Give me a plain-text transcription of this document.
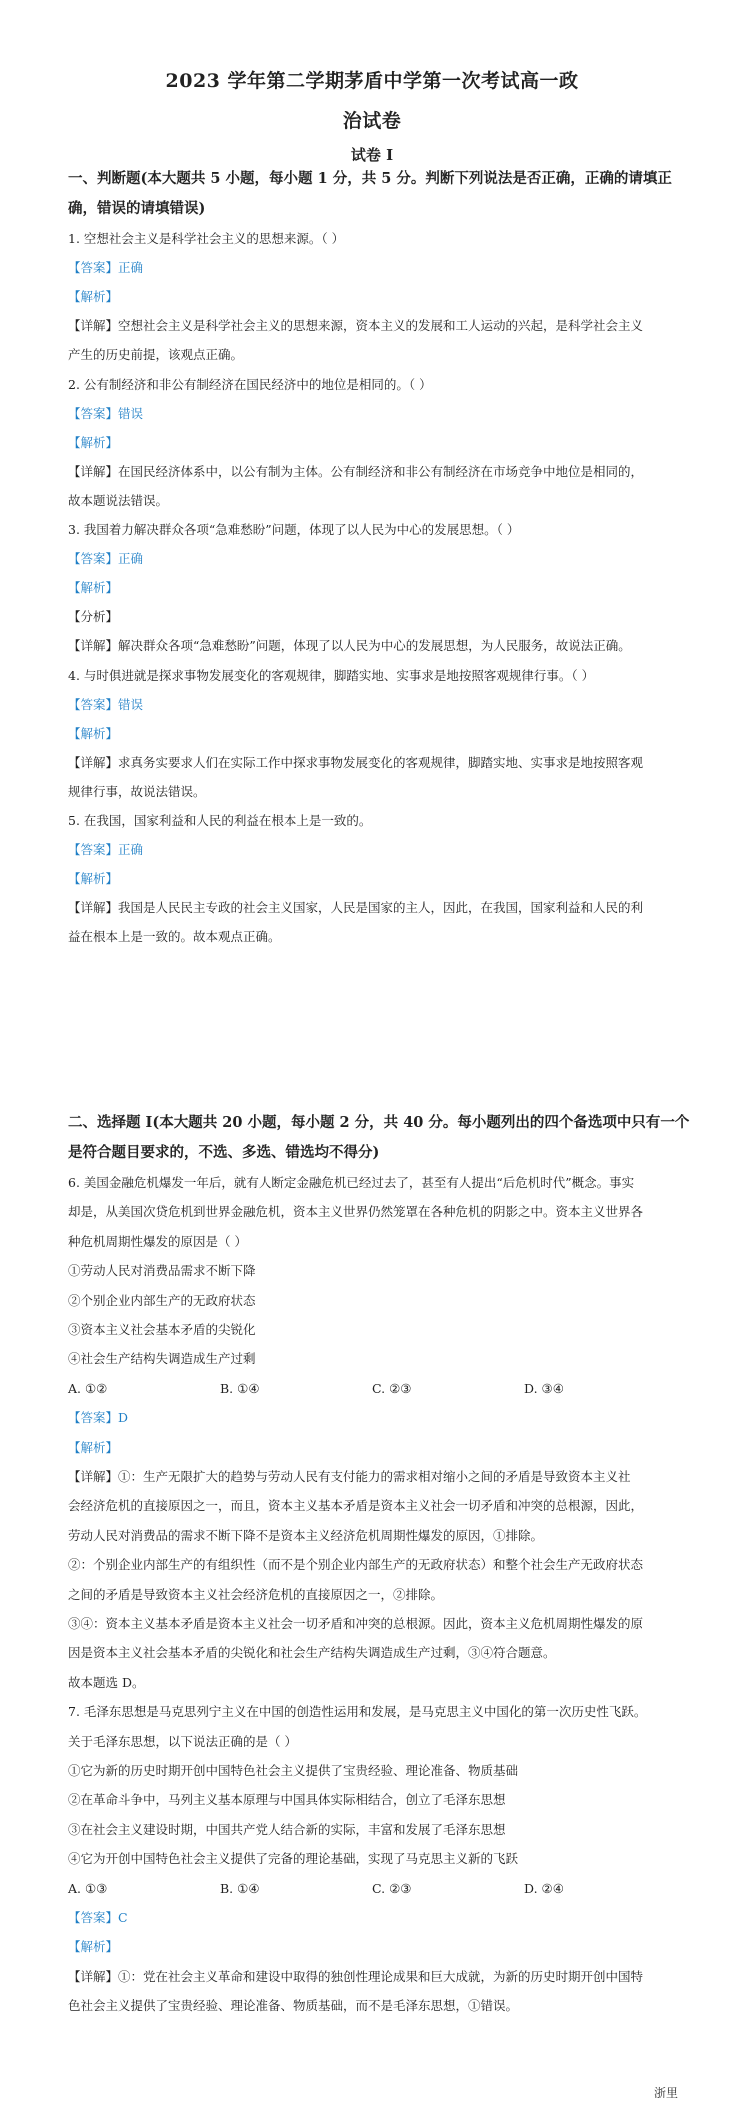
2023 学年第二学期茅盾中学第一次考试高一政
治试卷
试卷 I
一、判断题(本大题共 5 小题，每小题 1 分，共 5 分。判断下列说法是否正确，正确的请填正
确，错误的请填错误)
1. 空想社会主义是科学社会主义的思想来源。（ ）
【答案】正确
【解析】
【详解】空想社会主义是科学社会主义的思想来源，资本主义的发展和工人运动的兴起，是科学社会主义
产生的历史前提，该观点正确。
2. 公有制经济和非公有制经济在国民经济中的地位是相同的。（ ）
【答案】错误
【解析】
【详解】在国民经济体系中，以公有制为主体。公有制经济和非公有制经济在市场竞争中地位是相同的，
故本题说法错误。
3. 我国着力解决群众各项“急难愁盼”问题，体现了以人民为中心的发展思想。（ ）
【答案】正确
【解析】
【分析】
【详解】解决群众各项“急难愁盼”问题，体现了以人民为中心的发展思想，为人民服务，故说法正确。
4. 与时俱进就是探求事物发展变化的客观规律，脚踏实地、实事求是地按照客观规律行事。（ ）
【答案】错误
【解析】
【详解】求真务实要求人们在实际工作中探求事物发展变化的客观规律，脚踏实地、实事求是地按照客观
规律行事，故说法错误。
5. 在我国，国家利益和人民的利益在根本上是一致的。
【答案】正确
【解析】
【详解】我国是人民民主专政的社会主义国家，人民是国家的主人，因此，在我国，国家利益和人民的利
益在根本上是一致的。故本观点正确。
二、选择题 I(本大题共 20 小题，每小题 2 分，共 40 分。每小题列出的四个备选项中只有一个
是符合题目要求的，不选、多选、错选均不得分)
6. 美国金融危机爆发一年后，就有人断定金融危机已经过去了，甚至有人提出“后危机时代”概念。事实
却是，从美国次贷危机到世界金融危机，资本主义世界仍然笼罩在各种危机的阴影之中。资本主义世界各
种危机周期性爆发的原因是（ ）
①劳动人民对消费品需求不断下降
②个别企业内部生产的无政府状态
③资本主义社会基本矛盾的尖锐化
④社会生产结构失调造成生产过剩
A. ①②	B. ①④	C. ②③	D. ③④
【答案】D
【解析】
【详解】①：生产无限扩大的趋势与劳动人民有支付能力的需求相对缩小之间的矛盾是导致资本主义社
会经济危机的直接原因之一，而且，资本主义基本矛盾是资本主义社会一切矛盾和冲突的总根源，因此，
劳动人民对消费品的需求不断下降不是资本主义经济危机周期性爆发的原因，①排除。
②：个别企业内部生产的有组织性（而不是个别企业内部生产的无政府状态）和整个社会生产无政府状态
之间的矛盾是导致资本主义社会经济危机的直接原因之一，②排除。
③④：资本主义基本矛盾是资本主义社会一切矛盾和冲突的总根源。因此，资本主义危机周期性爆发的原
因是资本主义社会基本矛盾的尖锐化和社会生产结构失调造成生产过剩，③④符合题意。
故本题选 D。
7. 毛泽东思想是马克思列宁主义在中国的创造性运用和发展，是马克思主义中国化的第一次历史性飞跃。
关于毛泽东思想，以下说法正确的是（ ）
①它为新的历史时期开创中国特色社会主义提供了宝贵经验、理论准备、物质基础
②在革命斗争中，马列主义基本原理与中国具体实际相结合，创立了毛泽东思想
③在社会主义建设时期，中国共产党人结合新的实际，丰富和发展了毛泽东思想
④它为开创中国特色社会主义提供了完备的理论基础，实现了马克思主义新的飞跃
A. ①③	B. ①④	C. ②③	D. ②④
【答案】C
【解析】
【详解】①：党在社会主义革命和建设中取得的独创性理论成果和巨大成就，为新的历史时期开创中国特
色社会主义提供了宝贵经验、理论准备、物质基础，而不是毛泽东思想，①错误。
浙里
